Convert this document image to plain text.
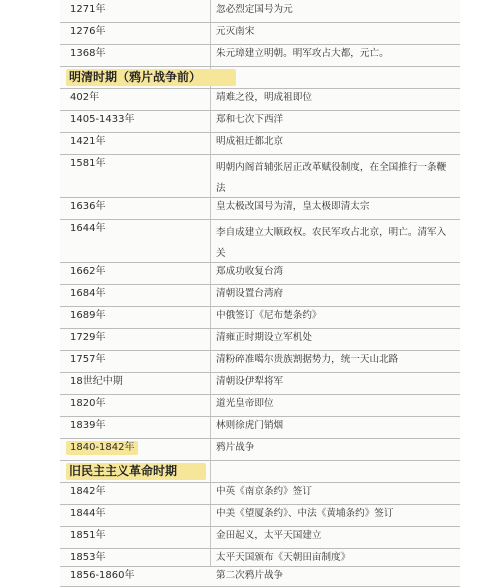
1271年	忽必烈定国号为元
1276年	元灭南宋
1368年	朱元璋建立明朝。明军攻占大都，元亡。
明清时期（鸦片战争前）
402年	靖难之役，明成祖即位
1405-1433年	郑和七次下西洋
1421年	明成祖迁都北京
1581年	明朝内阁首辅张居正改革赋役制度，在全国推行一条鞭法
1636年	皇太极改国号为清，皇太极即清太宗
1644年	李自成建立大顺政权。农民军攻占北京，明亡。清军入关
1662年	郑成功收复台湾
1684年	清朝设置台湾府
1689年	中俄签订《尼布楚条约》
1729年	清雍正时期设立军机处
1757年	清粉碎准噶尔贵族割据势力，统一天山北路
18世纪中期	清朝设伊犁将军
1820年	道光皇帝即位
1839年	林则徐虎门销烟
1840-1842年	鸦片战争
旧民主主义革命时期
1842年	中英《南京条约》签订
1844年	中美《望厦条约》、中法《黄埔条约》签订
1851年	金田起义，太平天国建立
1853年	太平天国颁布《天朝田亩制度》
1856-1860年	第二次鸦片战争
